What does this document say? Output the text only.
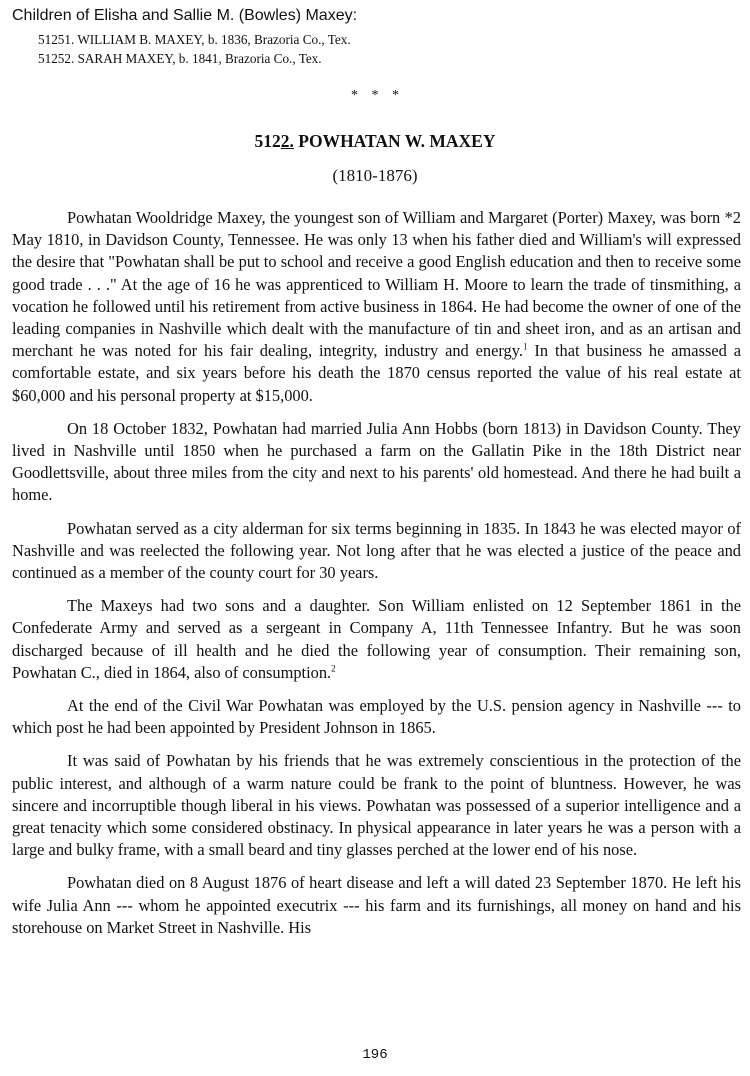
Children of Elisha and Sallie M. (Bowles) Maxey:
51251. WILLIAM B. MAXEY, b. 1836, Brazoria Co., Tex.
51252. SARAH MAXEY, b. 1841, Brazoria Co., Tex.
* * *
5122. POWHATAN W. MAXEY
(1810-1876)

Powhatan Wooldridge Maxey, the youngest son of William and Margaret (Porter) Maxey, was born *2 May 1810, in Davidson County, Tennessee. He was only 13 when his father died and William's will expressed the desire that "Powhatan shall be put to school and receive a good English education and then to receive some good trade . . ." At the age of 16 he was apprenticed to William H. Moore to learn the trade of tinsmithing, a vocation he followed until his retirement from active business in 1864. He had become the owner of one of the leading companies in Nashville which dealt with the manufacture of tin and sheet iron, and as an artisan and merchant he was noted for his fair dealing, integrity, industry and energy.$^1$ In that business he amassed a comfortable estate, and six years before his death the 1870 census reported the value of his real estate at $60,000 and his personal property at $15,000.

On 18 October 1832, Powhatan had married Julia Ann Hobbs (born 1813) in Davidson County. They lived in Nashville until 1850 when he purchased a farm on the Gallatin Pike in the 18th District near Goodlettsville, about three miles from the city and next to his parents' old homestead. And there he had built a home.

Powhatan served as a city alderman for six terms beginning in 1835. In 1843 he was elected mayor of Nashville and was reelected the following year. Not long after that he was elected a justice of the peace and continued as a member of the county court for 30 years.

The Maxeys had two sons and a daughter. Son William enlisted on 12 September 1861 in the Confederate Army and served as a sergeant in Company A, 11th Tennessee Infantry. But he was soon discharged because of ill health and he died the following year of consumption. Their remaining son, Powhatan C., died in 1864, also of consumption.$^2$

At the end of the Civil War Powhatan was employed by the U.S. pension agency in Nashville --- to which post he had been appointed by President Johnson in 1865.

It was said of Powhatan by his friends that he was extremely conscientious in the protection of the public interest, and although of a warm nature could be frank to the point of bluntness. However, he was sincere and incorruptible though liberal in his views. Powhatan was possessed of a superior intelligence and a great tenacity which some considered obstinacy. In physical appearance in later years he was a person with a large and bulky frame, with a small beard and tiny glasses perched at the lower end of his nose.

Powhatan died on 8 August 1876 of heart disease and left a will dated 23 September 1870. He left his wife Julia Ann --- whom he appointed executrix --- his farm and its furnishings, all money on hand and his storehouse on Market Street in Nashville. His

196
